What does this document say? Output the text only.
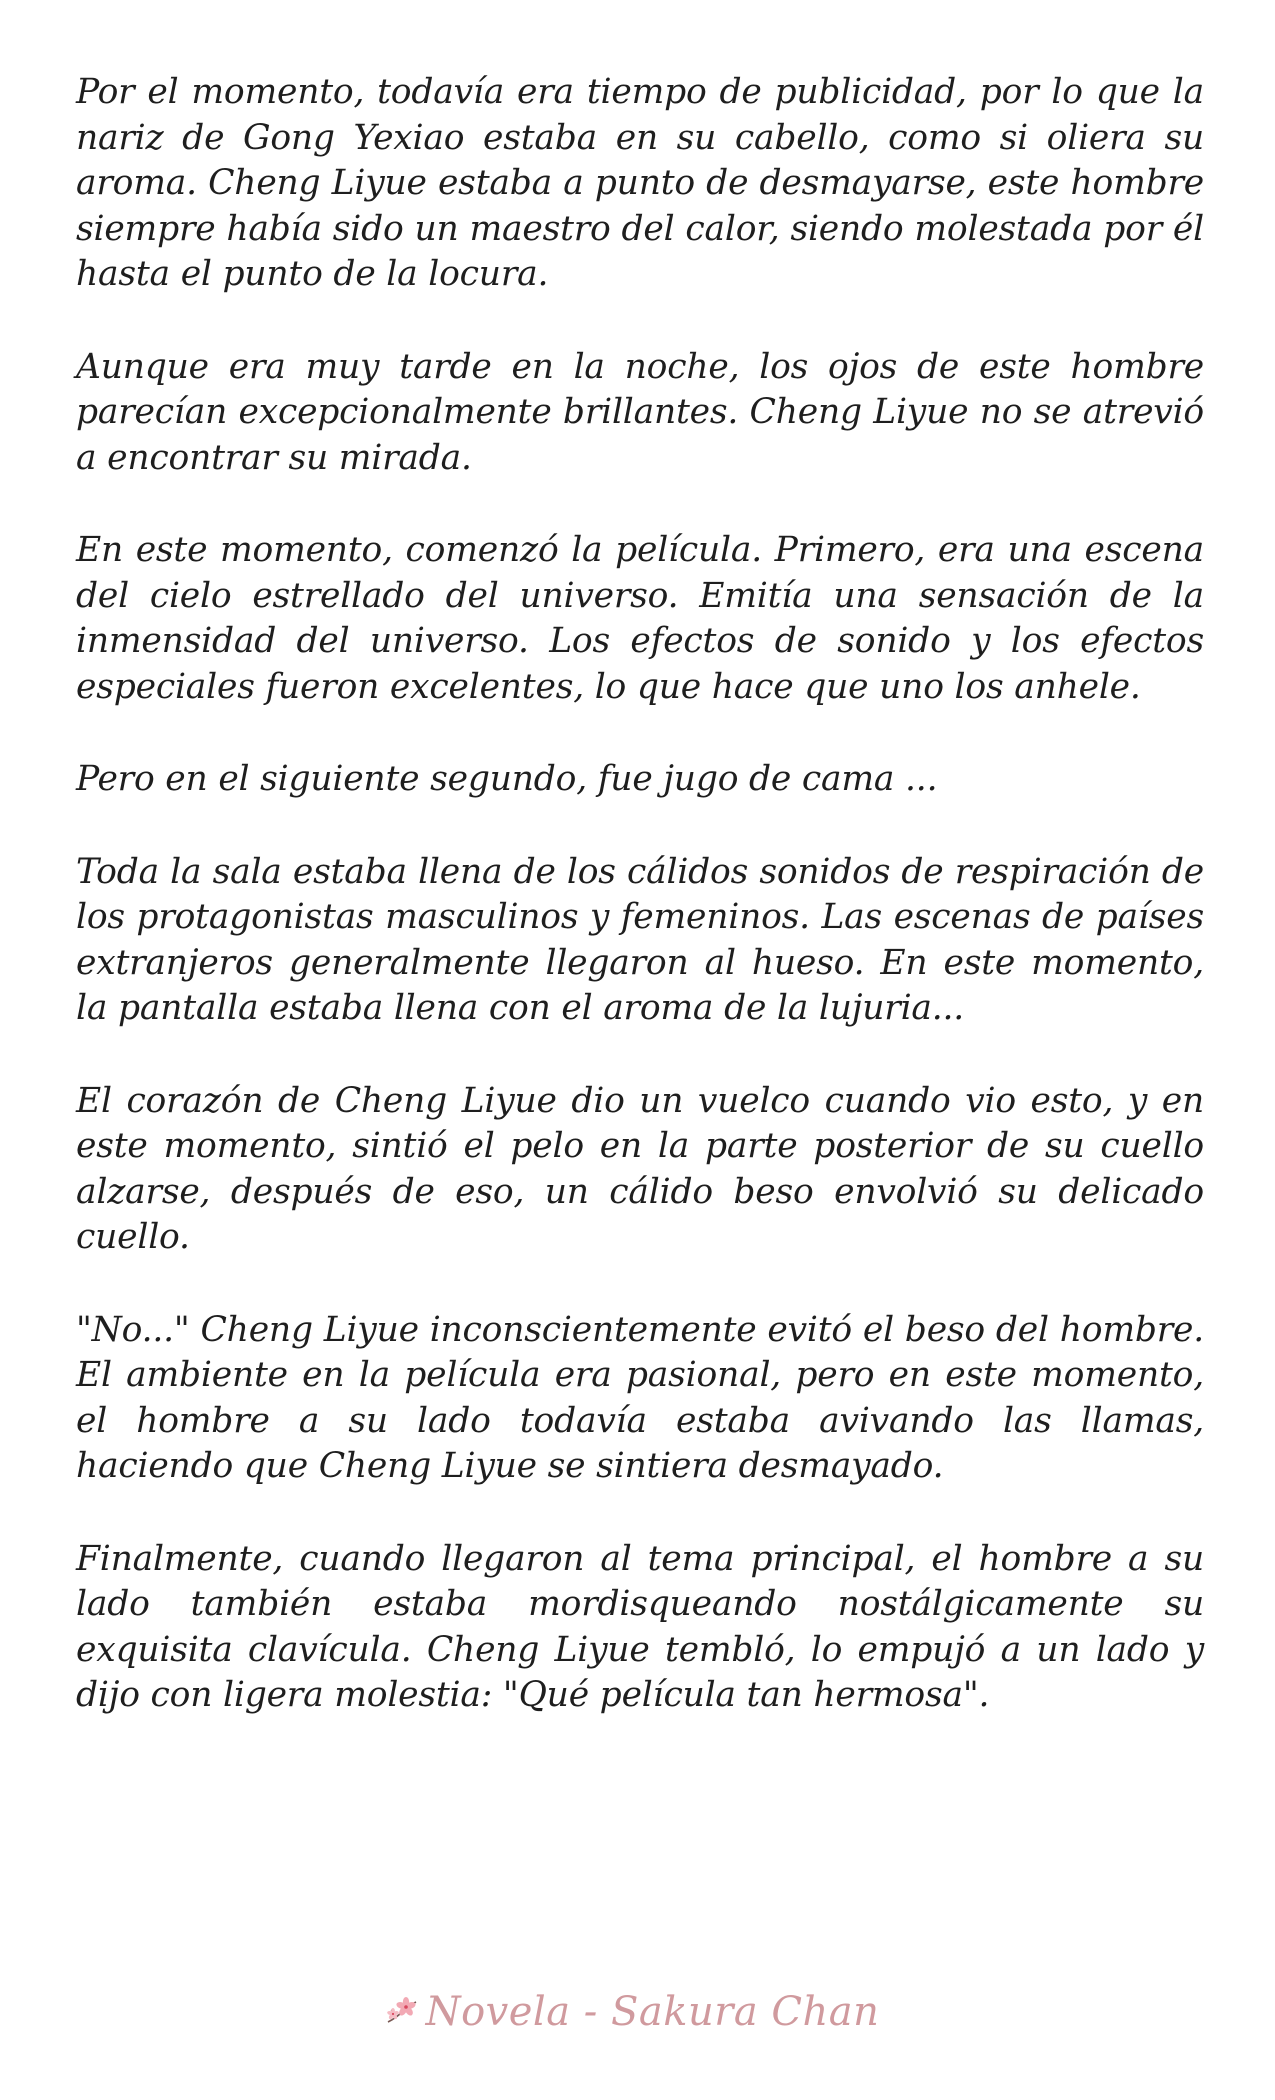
Por el momento, todavía era tiempo de publicidad, por lo que la nariz de Gong Yexiao estaba en su cabello, como si oliera su aroma. Cheng Liyue estaba a punto de desmayarse, este hombre siempre había sido un maestro del calor, siendo molestada por él hasta el punto de la locura.

Aunque era muy tarde en la noche, los ojos de este hombre parecían excepcionalmente brillantes. Cheng Liyue no se atrevió a encontrar su mirada.

En este momento, comenzó la película. Primero, era una escena del cielo estrellado del universo. Emitía una sensación de la inmensidad del universo. Los efectos de sonido y los efectos especiales fueron excelentes, lo que hace que uno los anhele.

Pero en el siguiente segundo, fue jugo de cama ...

Toda la sala estaba llena de los cálidos sonidos de respiración de los protagonistas masculinos y femeninos. Las escenas de países extranjeros generalmente llegaron al hueso. En este momento, la pantalla estaba llena con el aroma de la lujuria...

El corazón de Cheng Liyue dio un vuelco cuando vio esto, y en este momento, sintió el pelo en la parte posterior de su cuello alzarse, después de eso, un cálido beso envolvió su delicado cuello.

"No..." Cheng Liyue inconscientemente evitó el beso del hombre. El ambiente en la película era pasional, pero en este momento, el hombre a su lado todavía estaba avivando las llamas, haciendo que Cheng Liyue se sintiera desmayado.

Finalmente, cuando llegaron al tema principal, el hombre a su lado también estaba mordisqueando nostálgicamente su exquisita clavícula. Cheng Liyue tembló, lo empujó a un lado y dijo con ligera molestia: "Qué película tan hermosa".

Novela - Sakura Chan
